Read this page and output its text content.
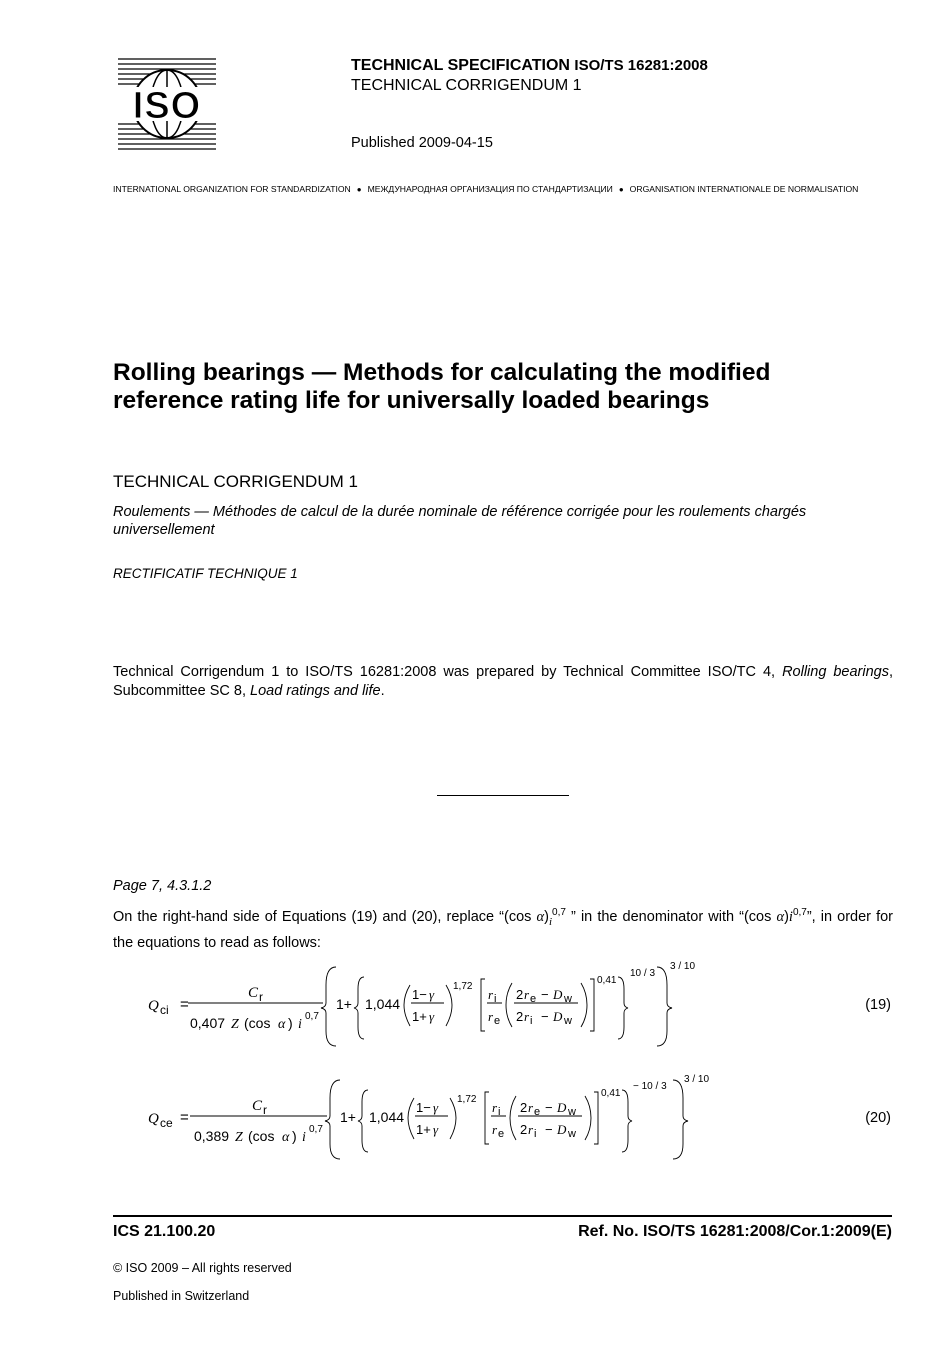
ISO
TECHNICAL SPECIFICATION ISO/TS 16281:2008
TECHNICAL CORRIGENDUM 1
Published 2009-04-15
INTERNATIONAL ORGANIZATION FOR STANDARDIZATION ● МЕЖДУНАРОДНАЯ ОРГАНИЗАЦИЯ ПО СТАНДАРТИЗАЦИИ ● ORGANISATION INTERNATIONALE DE NORMALISATION
Rolling bearings — Methods for calculating the modified reference rating life for universally loaded bearings
TECHNICAL CORRIGENDUM 1
Roulements — Méthodes de calcul de la durée nominale de référence corrigée pour les roulements chargés universellement
RECTIFICATIF TECHNIQUE 1
Technical Corrigendum 1 to ISO/TS 16281:2008 was prepared by Technical Committee ISO/TC 4, Rolling bearings, Subcommittee SC 8, Load ratings and life.
Page 7, 4.3.1.2
On the right-hand side of Equations (19) and (20), replace “(cos $\alpha)_i^{0,7}$ ” in the denominator with “(cos $\alpha)i^{0,7}$”, in order for the equations to read as follows:
Q ci =
C r
0,407 Z (cos α ) i
0,7
1+ 1,044
1− γ
1+ γ
1,72
r i
r e
2 r e − D w
2 r i − D w
0,41
10 / 3
3 / 10
(19)
Q ce =
C r
0,389 Z (cos α ) i
0,7
1+ 1,044
1− γ
1+ γ
1,72
r i
r e
2 r e − D w
2 r i − D w
0,41
− 10 / 3
3 / 10
(20)
ICS 21.100.20	Ref. No. ISO/TS 16281:2008/Cor.1:2009(E)
© ISO 2009 – All rights reserved
Published in Switzerland
